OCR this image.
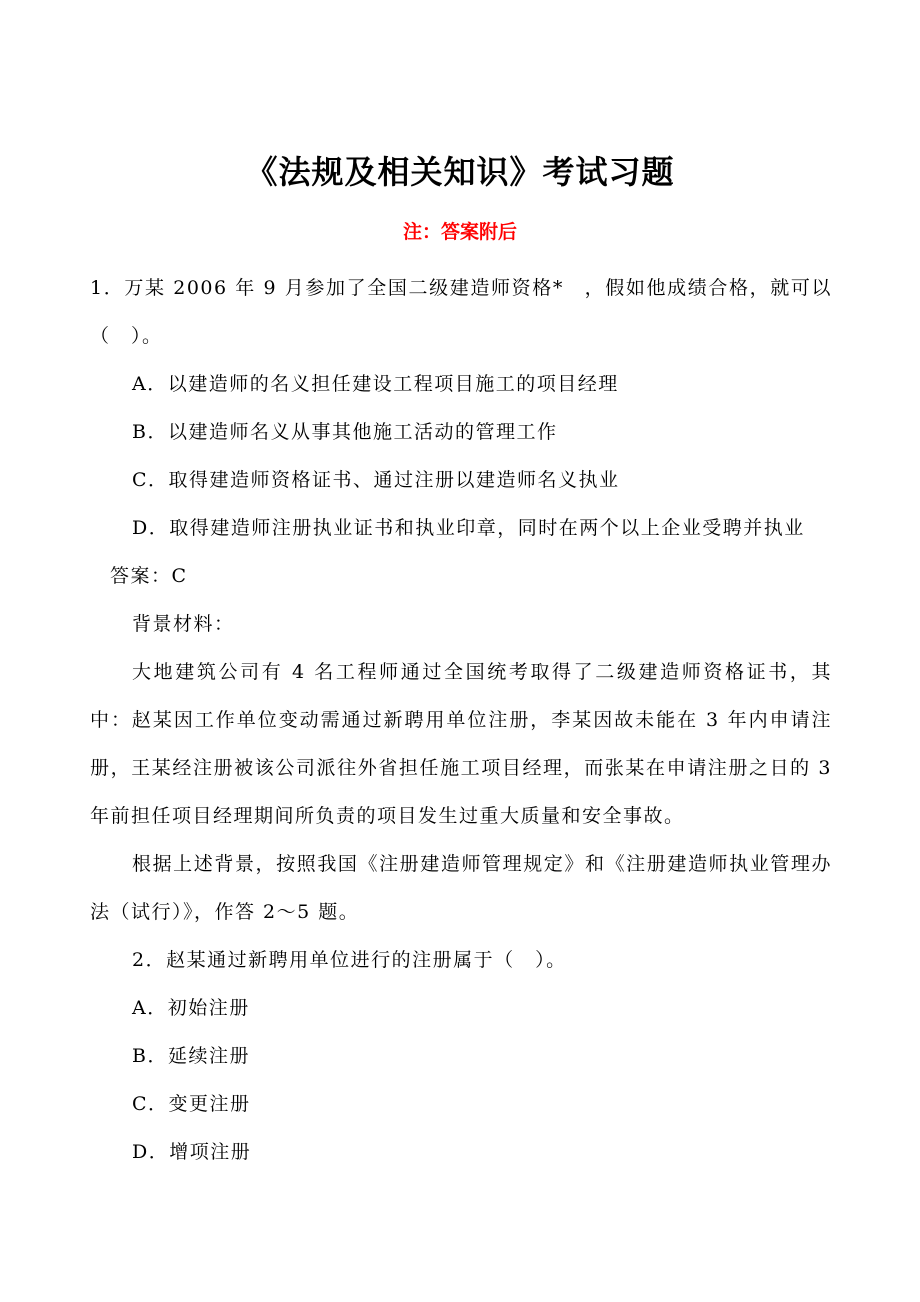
《法规及相关知识》考试习题
注：答案附后

1．万某 2006 年 9 月参加了全国二级建造师资格*　，假如他成绩合格，就可以（　）。

A．以建造师的名义担任建设工程项目施工的项目经理

B．以建造师名义从事其他施工活动的管理工作

C．取得建造师资格证书、通过注册以建造师名义执业

D．取得建造师注册执业证书和执业印章，同时在两个以上企业受聘并执业

答案：C

背景材料：

大地建筑公司有 4 名工程师通过全国统考取得了二级建造师资格证书，其中：赵某因工作单位变动需通过新聘用单位注册，李某因故未能在 3 年内申请注册，王某经注册被该公司派往外省担任施工项目经理，而张某在申请注册之日的 3 年前担任项目经理期间所负责的项目发生过重大质量和安全事故。

根据上述背景，按照我国《注册建造师管理规定》和《注册建造师执业管理办法（试行）》，作答 2～5 题。

2．赵某通过新聘用单位进行的注册属于（　）。

A．初始注册

B．延续注册

C．变更注册

D．增项注册
